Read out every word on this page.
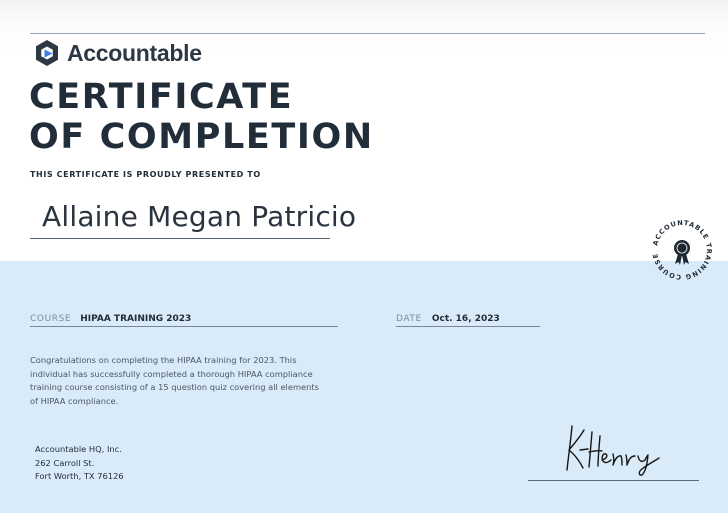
Accountable
CERTIFICATE
OF COMPLETION
THIS CERTIFICATE IS PROUDLY PRESENTED TO
Allaine Megan Patricio
ACCOUNTABLE TRAINING COURSE
COURSE HIPAA TRAINING 2023	DATE Oct. 16, 2023
Congratulations on completing the HIPAA training for 2023. This
individual has successfully completed a thorough HIPAA compliance
training course consisting of a 15 question quiz covering all elements
of HIPAA compliance.
Accountable HQ, Inc.
262 Carroll St.
Fort Worth, TX 76126
